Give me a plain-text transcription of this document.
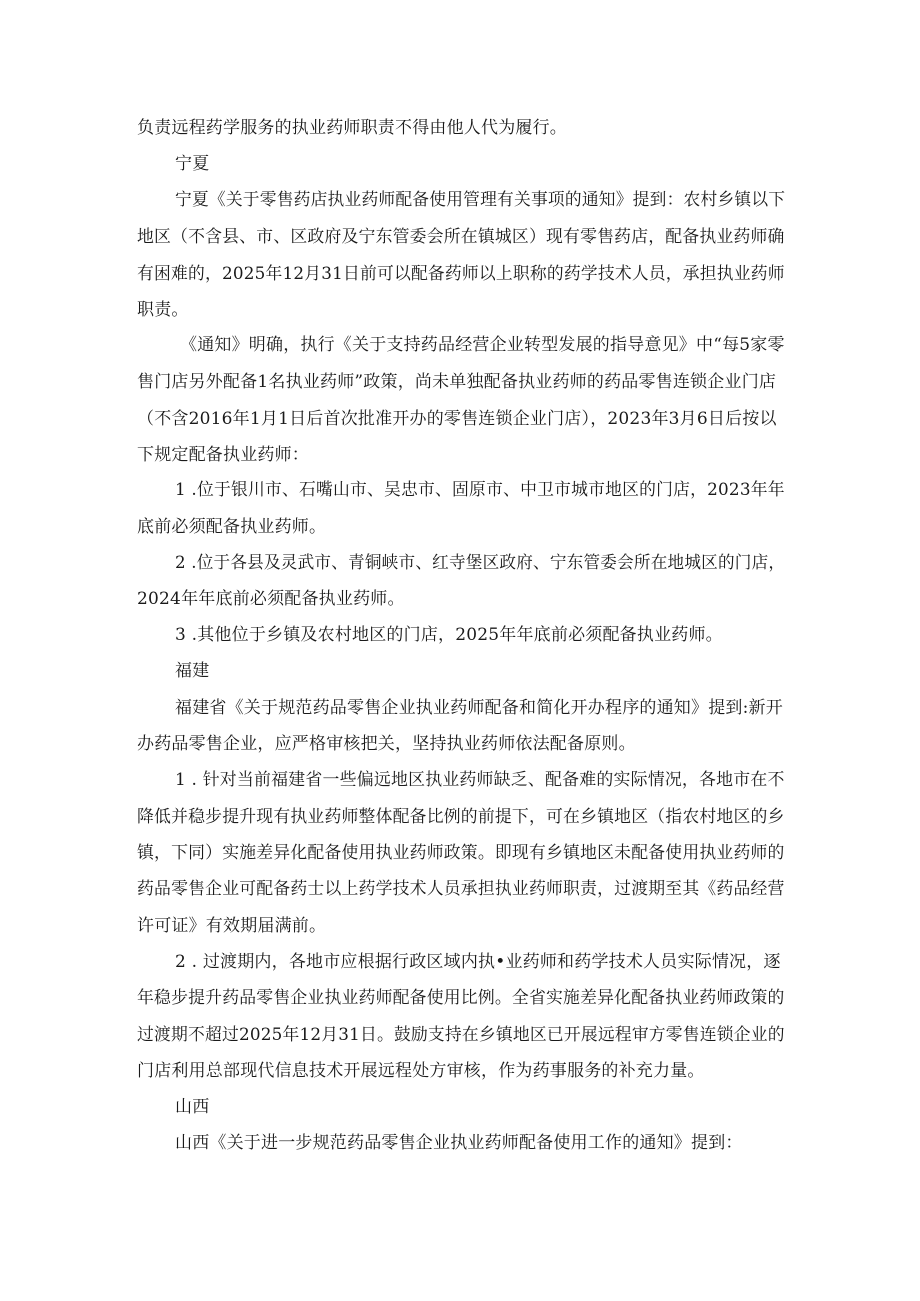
负责远程药学服务的执业药师职责不得由他人代为履行。
宁夏
宁夏《关于零售药店执业药师配备使用管理有关事项的通知》提到：农村乡镇以下
地区（不含县、市、区政府及宁东管委会所在镇城区）现有零售药店，配备执业药师确
有困难的，2025年12月31日前可以配备药师以上职称的药学技术人员，承担执业药师
职责。
《通知》明确，执行《关于支持药品经营企业转型发展的指导意见》中“每5家零
售门店另外配备1名执业药师”政策，尚未单独配备执业药师的药品零售连锁企业门店
（不含2016年1月1日后首次批准开办的零售连锁企业门店），2023年3月6日后按以
下规定配备执业药师：
1 .位于银川市、石嘴山市、吴忠市、固原市、中卫市城市地区的门店，2023年年
底前必须配备执业药师。
2 .位于各县及灵武市、青铜峡市、红寺堡区政府、宁东管委会所在地城区的门店，
2024年年底前必须配备执业药师。
3 .其他位于乡镇及农村地区的门店，2025年年底前必须配备执业药师。
福建
福建省《关于规范药品零售企业执业药师配备和简化开办程序的通知》提到:新开
办药品零售企业，应严格审核把关，坚持执业药师依法配备原则。
1 . 针对当前福建省一些偏远地区执业药师缺乏、配备难的实际情况，各地市在不
降低并稳步提升现有执业药师整体配备比例的前提下，可在乡镇地区（指农村地区的乡
镇，下同）实施差异化配备使用执业药师政策。即现有乡镇地区未配备使用执业药师的
药品零售企业可配备药士以上药学技术人员承担执业药师职责，过渡期至其《药品经营
许可证》有效期届满前。
2 . 过渡期内，各地市应根据行政区域内执•业药师和药学技术人员实际情况，逐
年稳步提升药品零售企业执业药师配备使用比例。全省实施差异化配备执业药师政策的
过渡期不超过2025年12月31日。鼓励支持在乡镇地区已开展远程审方零售连锁企业的
门店利用总部现代信息技术开展远程处方审核，作为药事服务的补充力量。
山西
山西《关于进一步规范药品零售企业执业药师配备使用工作的通知》提到：
